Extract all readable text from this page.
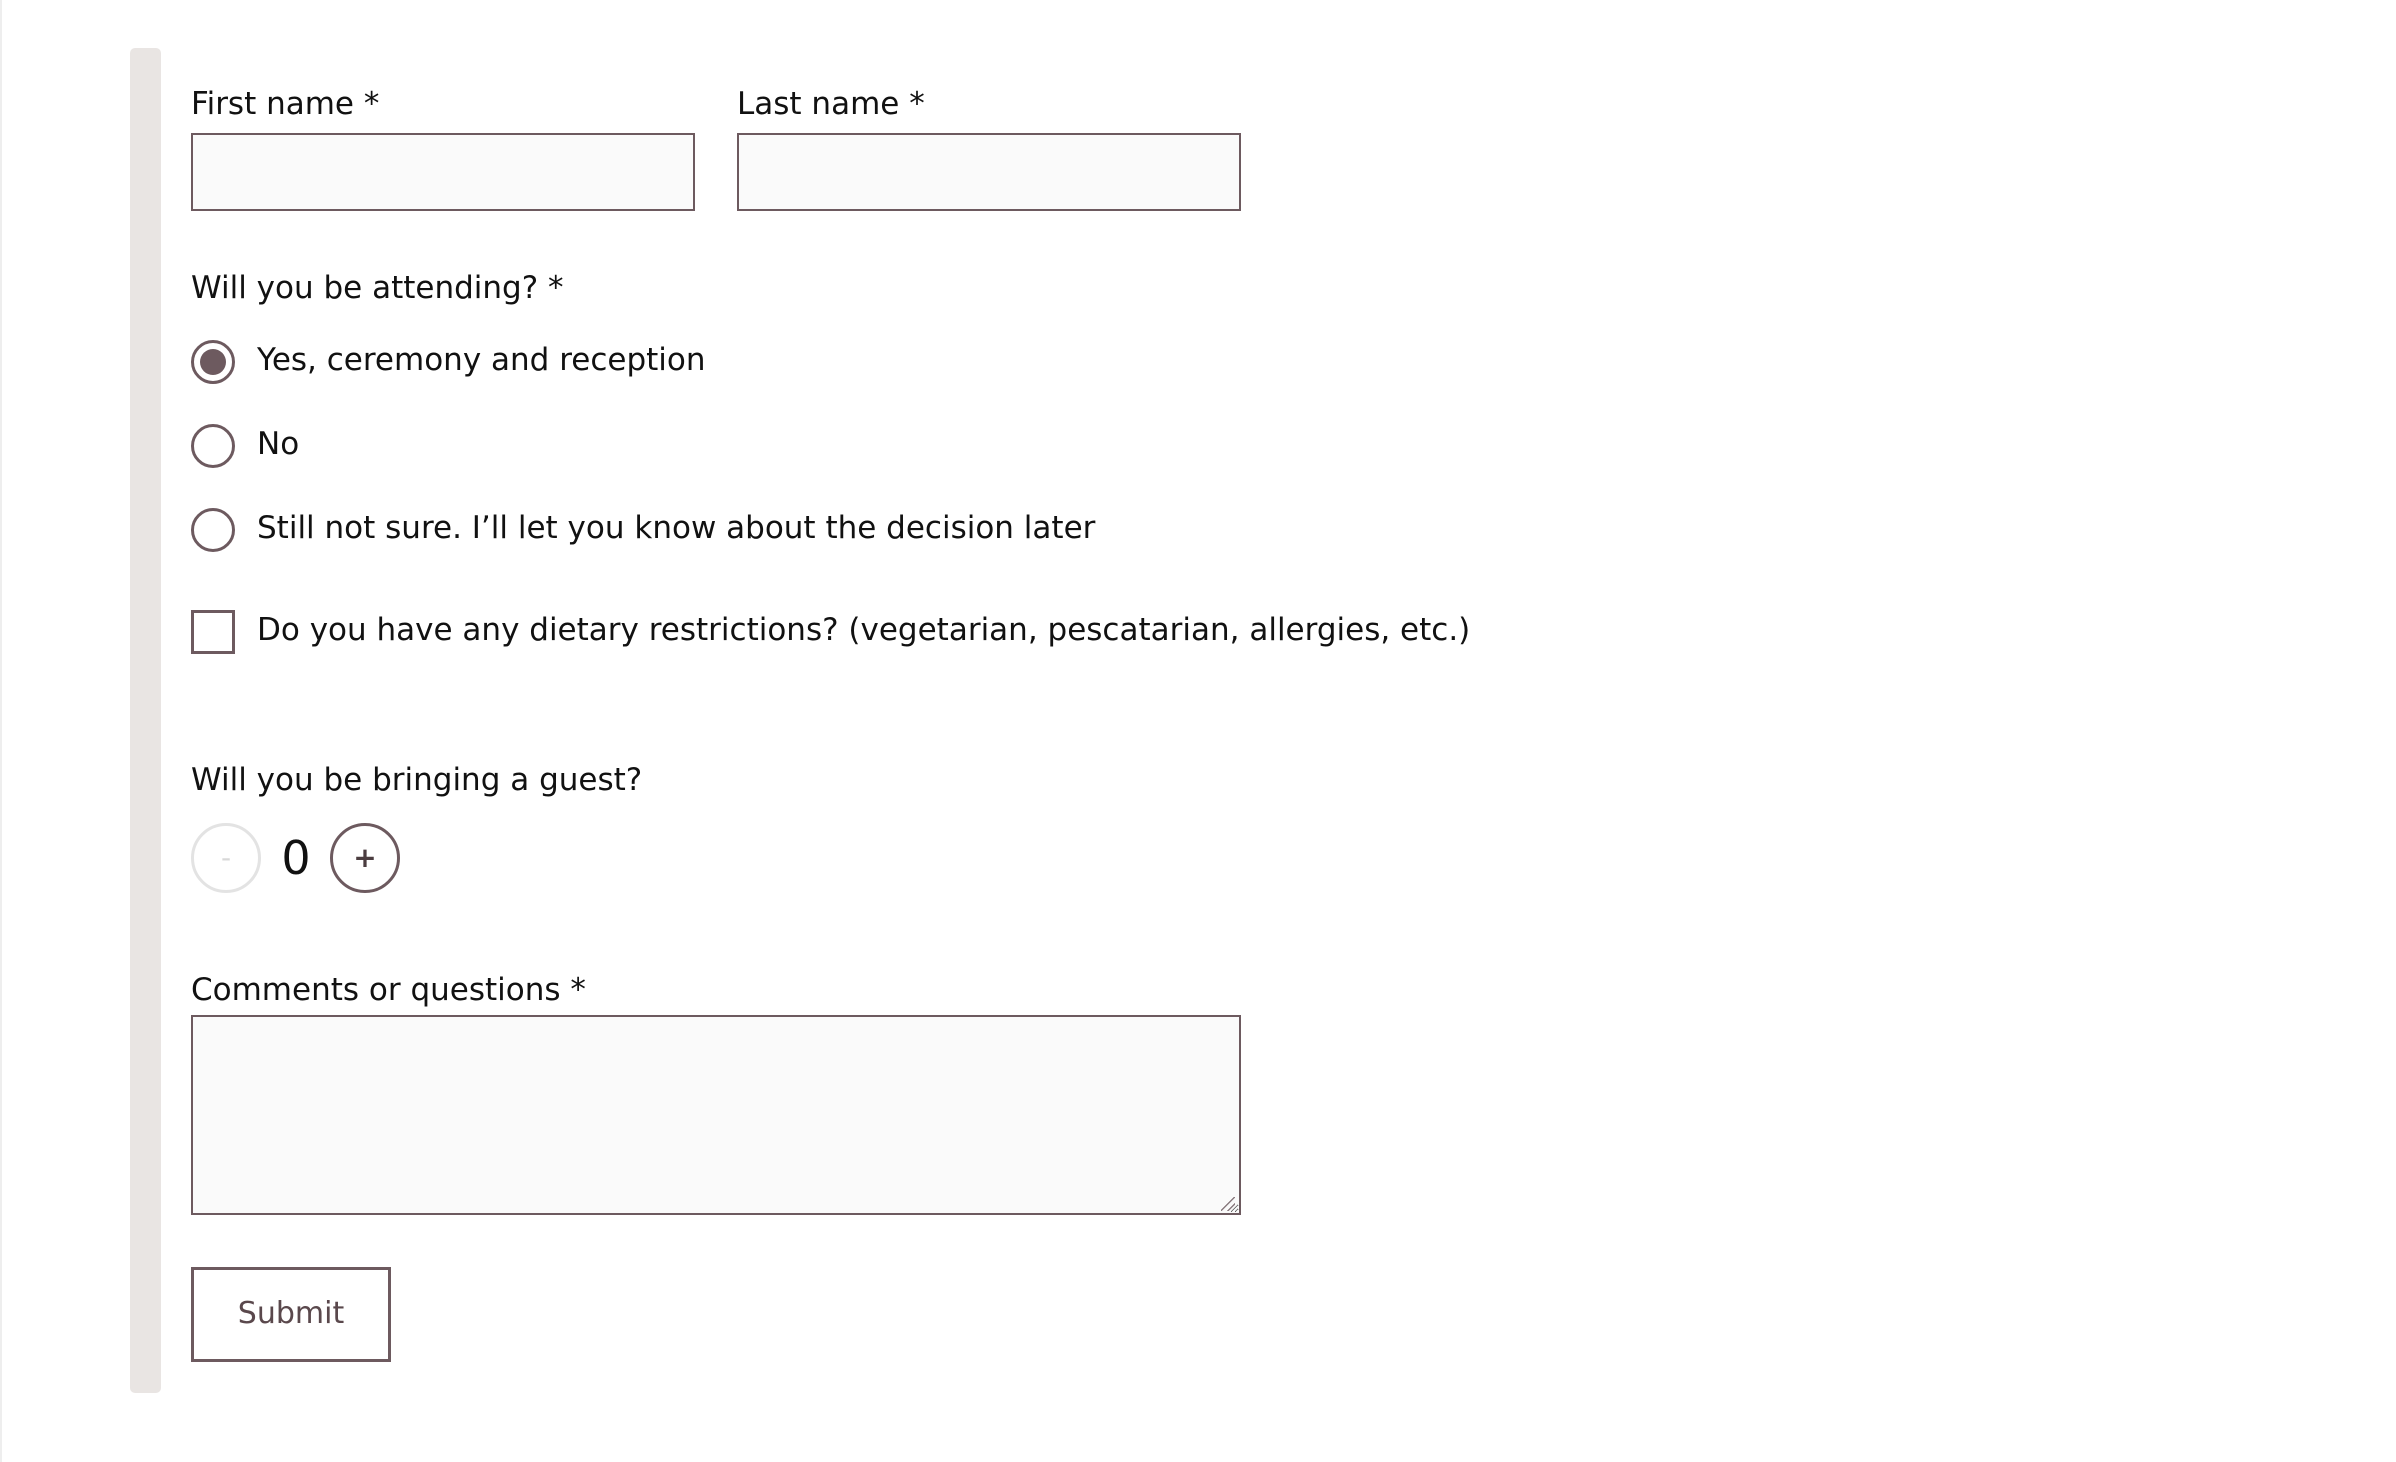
First name *	Last name *
Will you be attending? *
Yes, ceremony and reception
No
Still not sure. I’ll let you know about the decision later
Do you have any dietary restrictions? (vegetarian, pescatarian, allergies, etc.)
Will you be bringing a guest?
-	0	+
Comments or questions *
Submit
